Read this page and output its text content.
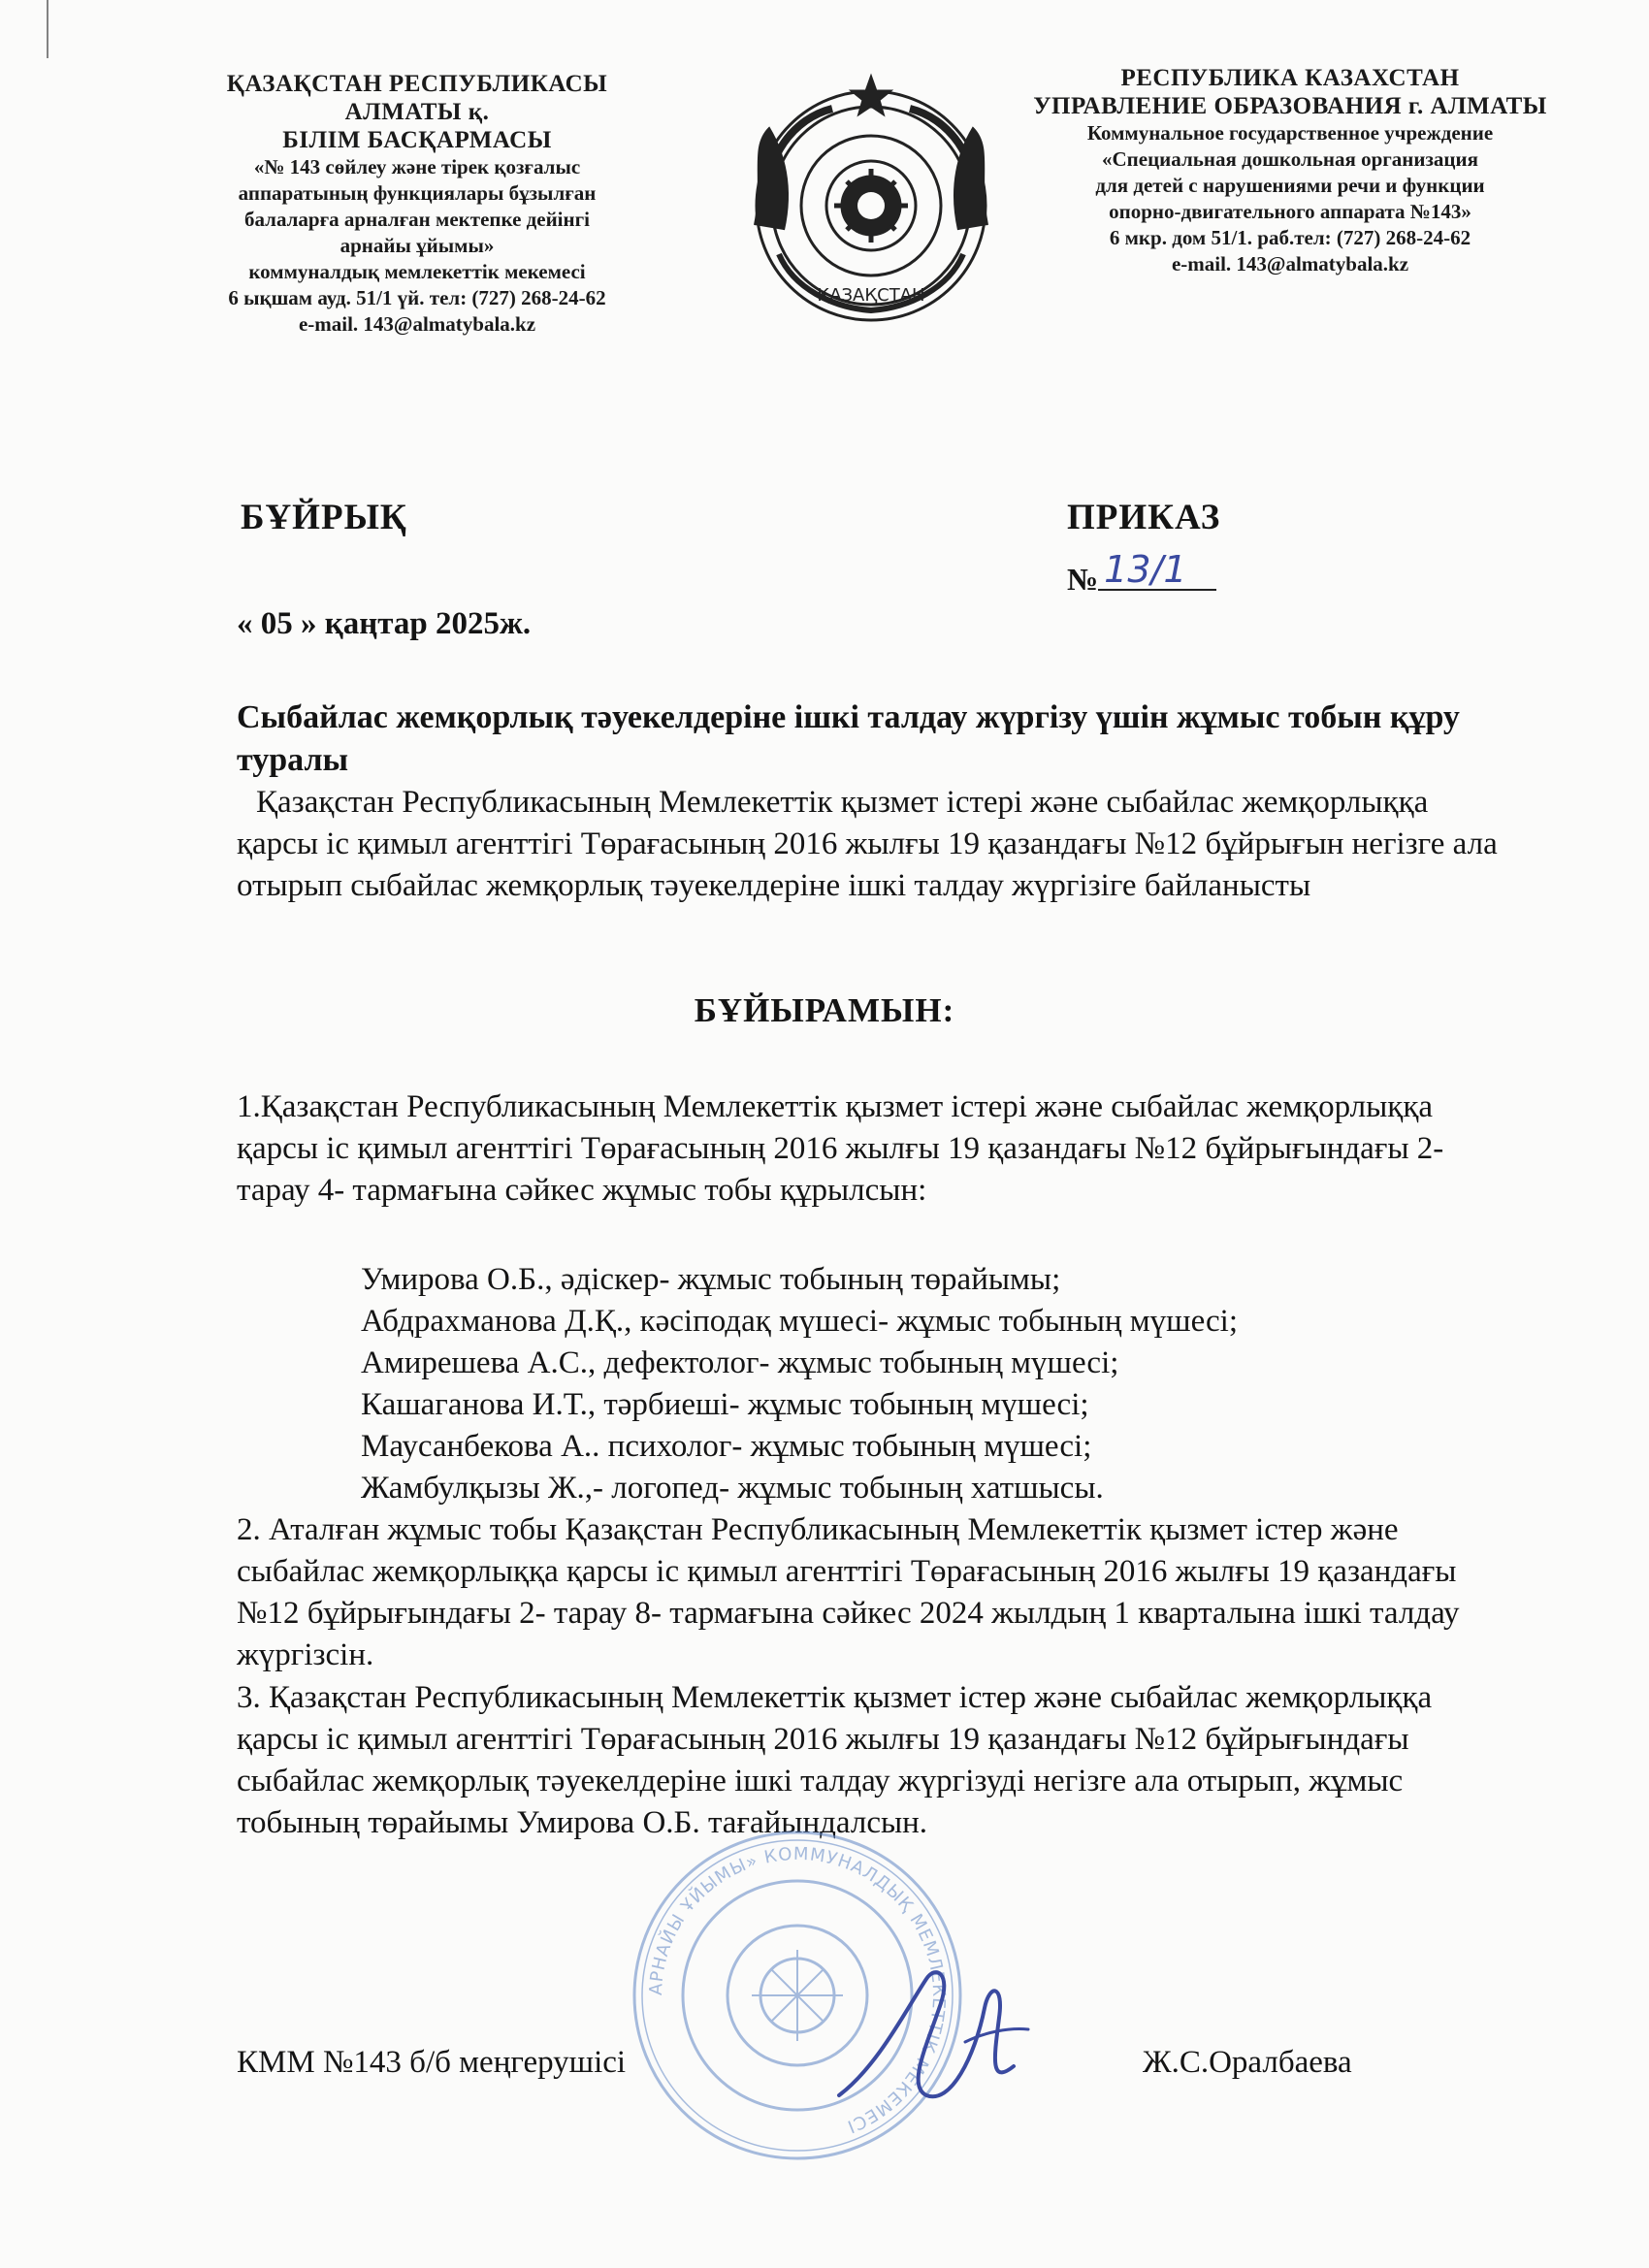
ҚАЗАҚСТАН РЕСПУБЛИКАСЫ
АЛМАТЫ қ.
БІЛІМ БАСҚАРМАСЫ
«№ 143 сөйлеу және тірек қозғалыс
аппаратының функциялары бұзылған
балаларға арналған мектепке дейінгі
арнайы ұйымы»
коммуналдық мемлекеттік мекемесі
6 ықшам ауд. 51/1 үй. тел: (727) 268-24-62
e-mail. 143@almatybala.kz
ҚАЗАҚСТАН
РЕСПУБЛИКА КАЗАХСТАН
УПРАВЛЕНИЕ ОБРАЗОВАНИЯ г. АЛМАТЫ
Коммунальное государственное учреждение
«Специальная дошкольная организация
для детей с нарушениями речи и функции
опорно-двигательного аппарата №143»
6 мкр. дом 51/1. раб.тел: (727) 268-24-62
e-mail. 143@almatybala.kz
БҰЙРЫҚ	ПРИКАЗ
№ 13/1
« 05 » қаңтар 2025ж.
Сыбайлас жемқорлық тәуекелдеріне ішкі талдау жүргізу үшін жұмыс тобын құру туралы
Қазақстан Республикасының Мемлекеттік қызмет істері және сыбайлас жемқорлыққа қарсы іс қимыл агенттігі Төрағасының 2016 жылғы 19 қазандағы №12 бұйрығын негізге ала отырып сыбайлас жемқорлық тәуекелдеріне ішкі талдау жүргізіге байланысты
БҰЙЫРАМЫН:
1.Қазақстан Республикасының Мемлекеттік қызмет істері және сыбайлас жемқорлыққа қарсы іс қимыл агенттігі Төрағасының 2016 жылғы 19 қазандағы №12 бұйрығындағы 2- тарау 4- тармағына сәйкес жұмыс тобы құрылсын:
Умирова О.Б., әдіскер- жұмыс тобының төрайымы;
Абдрахманова Д.Қ., кәсіподақ мүшесі- жұмыс тобының мүшесі;
Амирешева А.С., дефектолог- жұмыс тобының мүшесі;
Кашаганова И.Т., тәрбиеші- жұмыс тобының мүшесі;
Маусанбекова А.. психолог- жұмыс тобының мүшесі;
Жамбулқызы Ж.,- логопед- жұмыс тобының хатшысы.
2. Аталған жұмыс тобы Қазақстан Республикасының Мемлекеттік қызмет істер және сыбайлас жемқорлыққа қарсы іс қимыл агенттігі Төрағасының 2016 жылғы 19 қазандағы №12 бұйрығындағы 2- тарау 8- тармағына сәйкес 2024 жылдың 1 кварталына ішкі талдау жүргізсін.
3. Қазақстан Республикасының Мемлекеттік қызмет істер және сыбайлас жемқорлыққа қарсы іс қимыл агенттігі Төрағасының 2016 жылғы 19 қазандағы №12 бұйрығындағы сыбайлас жемқорлық тәуекелдеріне ішкі талдау жүргізуді негізге ала отырып, жұмыс тобының төрайымы Умирова О.Б. тағайындалсын.
АРНАЙЫ ҰЙЫМЫ» КОММУНАЛДЫҚ МЕМЛЕКЕТТІК МЕКЕМЕСІ
КММ №143 б/б меңгерушісі	Ж.С.Оралбаева
